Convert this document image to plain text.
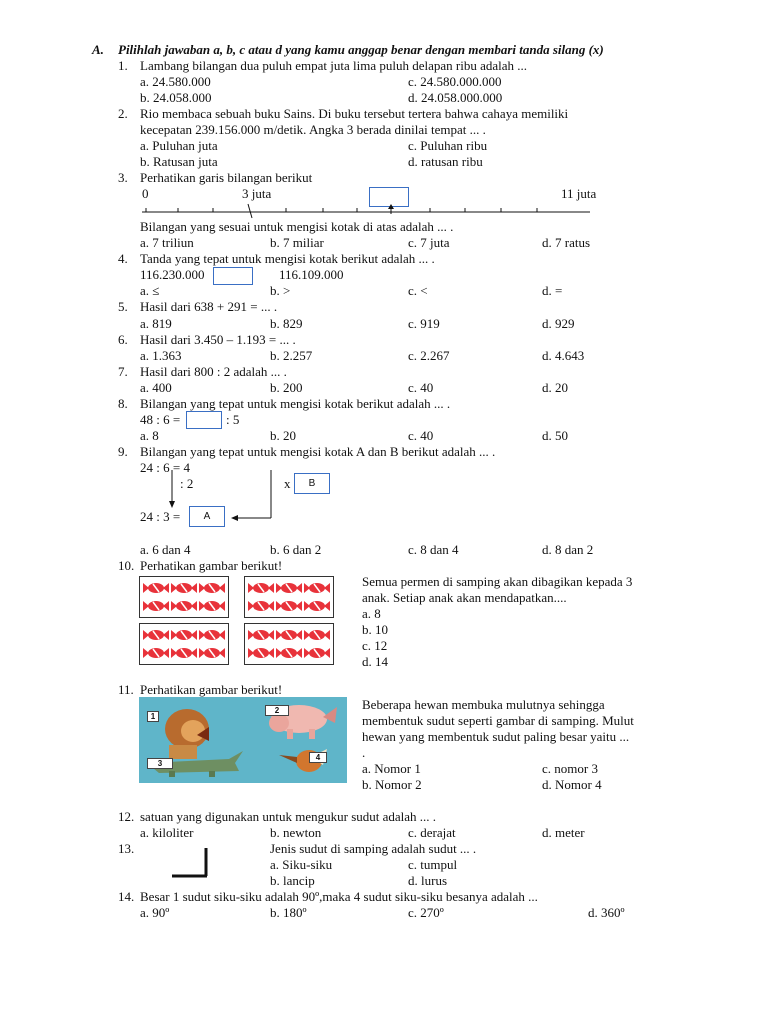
A. Pilihlah jawaban a, b, c atau d yang kamu anggap benar dengan membari tanda silang (x)
1. Lambang bilangan dua puluh empat juta lima puluh delapan ribu adalah ...
a. 24.580.000
b. 24.058.000
c. 24.580.000.000
d. 24.058.000.000
2. Rio membaca sebuah buku Sains. Di buku tersebut tertera bahwa cahaya memiliki
kecepatan 239.156.000 m/detik. Angka 3 berada dinilai tempat ... .
a. Puluhan juta
b. Ratusan juta
c. Puluhan ribu
d. ratusan ribu
3. Perhatikan garis bilangan berikut
0	3 juta	11 juta
Bilangan yang sesuai untuk mengisi kotak di atas adalah ... .
a. 7 triliun	b. 7 miliar	c. 7 juta	d. 7 ratus
4. Tanda yang tepat untuk mengisi kotak berikut adalah ... .
116.230.000	116.109.000
a. ≤	b. >	c. <	d. =
5. Hasil dari 638 + 291 = ... .
a. 819	b. 829	c. 919	d. 929
6. Hasil dari 3.450 – 1.193 = ... .
a. 1.363	b. 2.257	c. 2.267	d. 4.643
7. Hasil dari 800 : 2 adalah ... .
a. 400	b. 200	c. 40	d. 20
8. Bilangan yang tepat untuk mengisi kotak berikut adalah ... .
48 : 6 =	: 5
a. 8	b. 20	c. 40	d. 50
9. Bilangan yang tepat untuk mengisi kotak A dan B berikut adalah ... .
24 : 6 = 4
: 2	x	B
24 : 3 =	A
a. 6 dan 4	b. 6 dan 2	c. 8 dan 4	d. 8 dan 2
10. Perhatikan gambar berikut!
Semua permen di samping akan dibagikan kepada 3
anak. Setiap anak akan mendapatkan....
a. 8
b. 10
c. 12
d. 14
11. Perhatikan gambar berikut!
1
2
3
4
Beberapa hewan membuka mulutnya sehingga
membentuk sudut seperti gambar di samping. Mulut
hewan yang membentuk sudut paling besar yaitu ...
.
a. Nomor 1
b. Nomor 2
c. nomor 3
d. Nomor 4
12. satuan yang digunakan untuk mengukur sudut adalah ... .
a. kiloliter	b. newton	c. derajat	d. meter
13.	Jenis sudut di samping adalah sudut ... .
a. Siku-siku
b. lancip
c. tumpul
d. lurus
14. Besar 1 sudut siku-siku adalah 90º,maka 4 sudut siku-siku besanya adalah ...
a. 90º	b. 180º	c. 270º	d. 360º
